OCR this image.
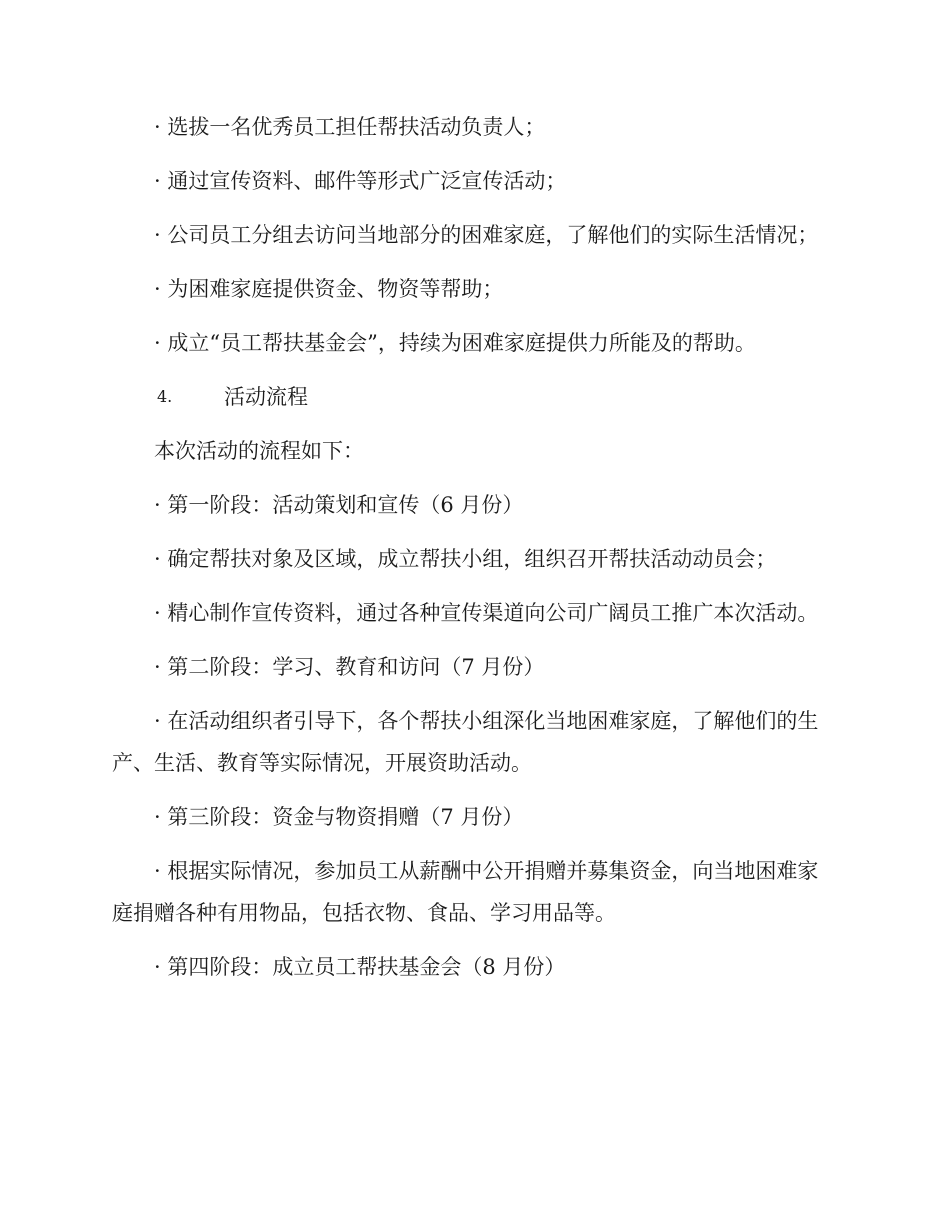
· 选拔一名优秀员工担任帮扶活动负责人；

· 通过宣传资料、邮件等形式广泛宣传活动；

· 公司员工分组去访问当地部分的困难家庭，了解他们的实际生活情况；

· 为困难家庭提供资金、物资等帮助；

· 成立“员工帮扶基金会”，持续为困难家庭提供力所能及的帮助。

4. 活动流程

本次活动的流程如下：

· 第一阶段：活动策划和宣传（6 月份）

· 确定帮扶对象及区域，成立帮扶小组，组织召开帮扶活动动员会；

· 精心制作宣传资料，通过各种宣传渠道向公司广阔员工推广本次活动。

· 第二阶段：学习、教育和访问（7 月份）

· 在活动组织者引导下，各个帮扶小组深化当地困难家庭，了解他们的生产、生活、教育等实际情况，开展资助活动。

· 第三阶段：资金与物资捐赠（7 月份）

· 根据实际情况，参加员工从薪酬中公开捐赠并募集资金，向当地困难家庭捐赠各种有用物品，包括衣物、食品、学习用品等。

· 第四阶段：成立员工帮扶基金会（8 月份）
